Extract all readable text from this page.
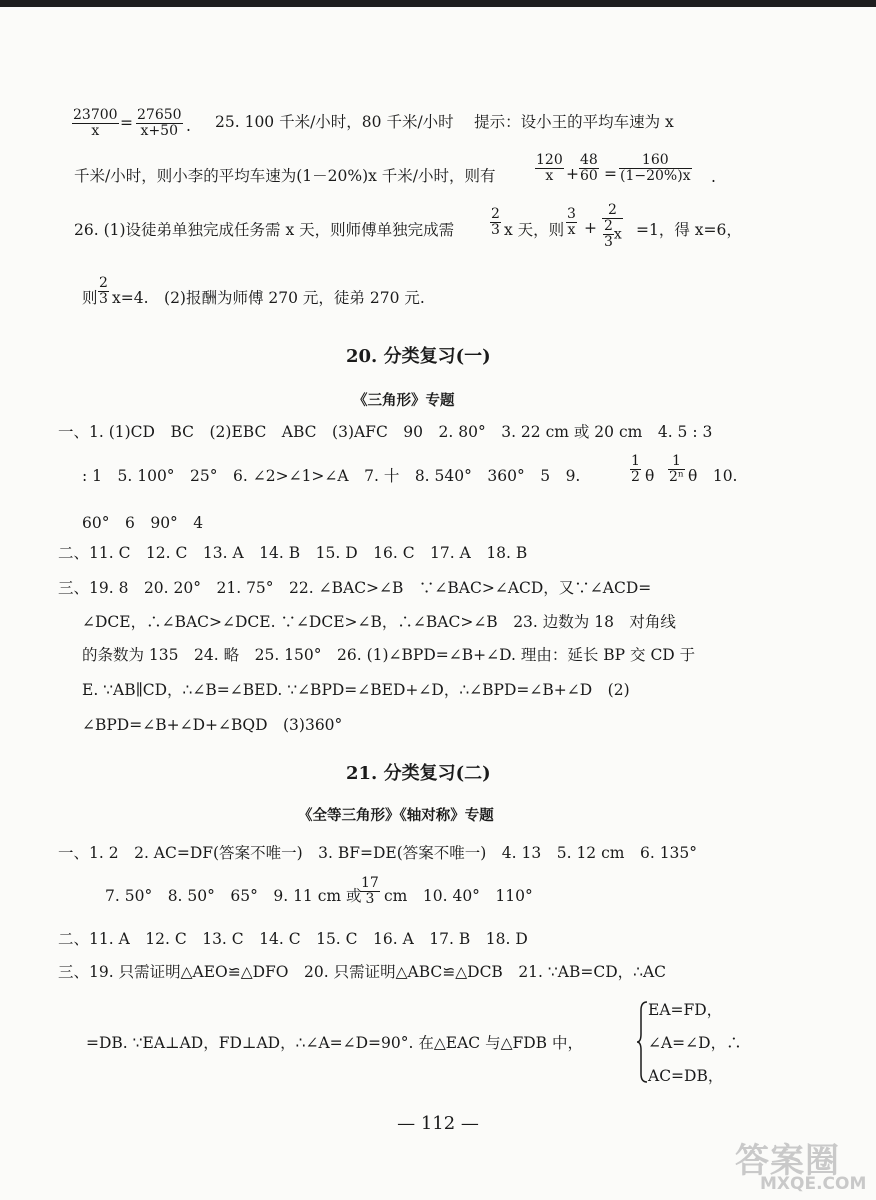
$\frac{23700}{x} = \frac{27650}{x+50}$ . 25. 100 千米/小时，80 千米/小时　 提示：设小王的平均车速为 x
千米/小时，则小李的平均车速为(1－20%)x 千米/小时，则有	$\frac{120}{x} + \frac{48}{60} = \frac{160}{(1-20\%)x}$ .
26. (1)设徒弟单独完成任务需 x 天，则师傅单独完成需	$\frac{2}{3}$ x 天，则 $\frac{3}{x} + \frac{2}{\frac{2}{3} x} =1$，得 x=6，
则 $\frac{2}{3} x=4$.　(2)报酬为师傅 270 元，徒弟 270 元.
20. 分类复习(一)
《三角形》专题
一、1. (1)CD　BC　(2)EBC　ABC　(3)AFC　90　2. 80°　3. 22 cm 或 20 cm　4. 5 : 3
: 1　5. 100°　25°　6. ∠2>∠1>∠A　7. 十　8. 540°　360°　5　9.	$\frac{1}{2}$ θ $\frac{1}{\text{2ⁿ}}$ θ　10.
60°　6　90°　4
二、11. C　12. C　13. A　14. B　15. D　16. C　17. A　18. B
三、19. 8　20. 20°　21. 75°　22. ∠BAC>∠B　∵∠BAC>∠ACD，又∵∠ACD=
∠DCE，∴∠BAC>∠DCE. ∵∠DCE>∠B，∴∠BAC>∠B　23. 边数为 18　对角线
的条数为 135　24. 略　25. 150°　26. (1)∠BPD=∠B+∠D. 理由：延长 BP 交 CD 于
E. ∵AB∥CD，∴∠B=∠BED. ∵∠BPD=∠BED+∠D，∴∠BPD=∠B+∠D　(2)
∠BPD=∠B+∠D+∠BQD　(3)360°
21. 分类复习(二)
《全等三角形》《轴对称》专题
一、1. 2　2. AC=DF(答案不唯一)　3. BF=DE(答案不唯一)　4. 13　5. 12 cm　6. 135°
7. 50°　8. 50°　65°　9. 11 cm 或
$\frac{17}{3}$ cm　10. 40°　110°
二、11. A　12. C　13. C　14. C　15. C　16. A　17. B　18. D
三、19. 只需证明△AEO≌△DFO　20. 只需证明△ABC≌△DCB　21. ∵AB=CD，∴AC
=DB. ∵EA⊥AD，FD⊥AD，∴∠A=∠D=90°. 在△EAC 与△FDB 中，
EA=FD，
∠A=∠D，∴
AC=DB，
— 112 —
答案圈
MXQE.COM
